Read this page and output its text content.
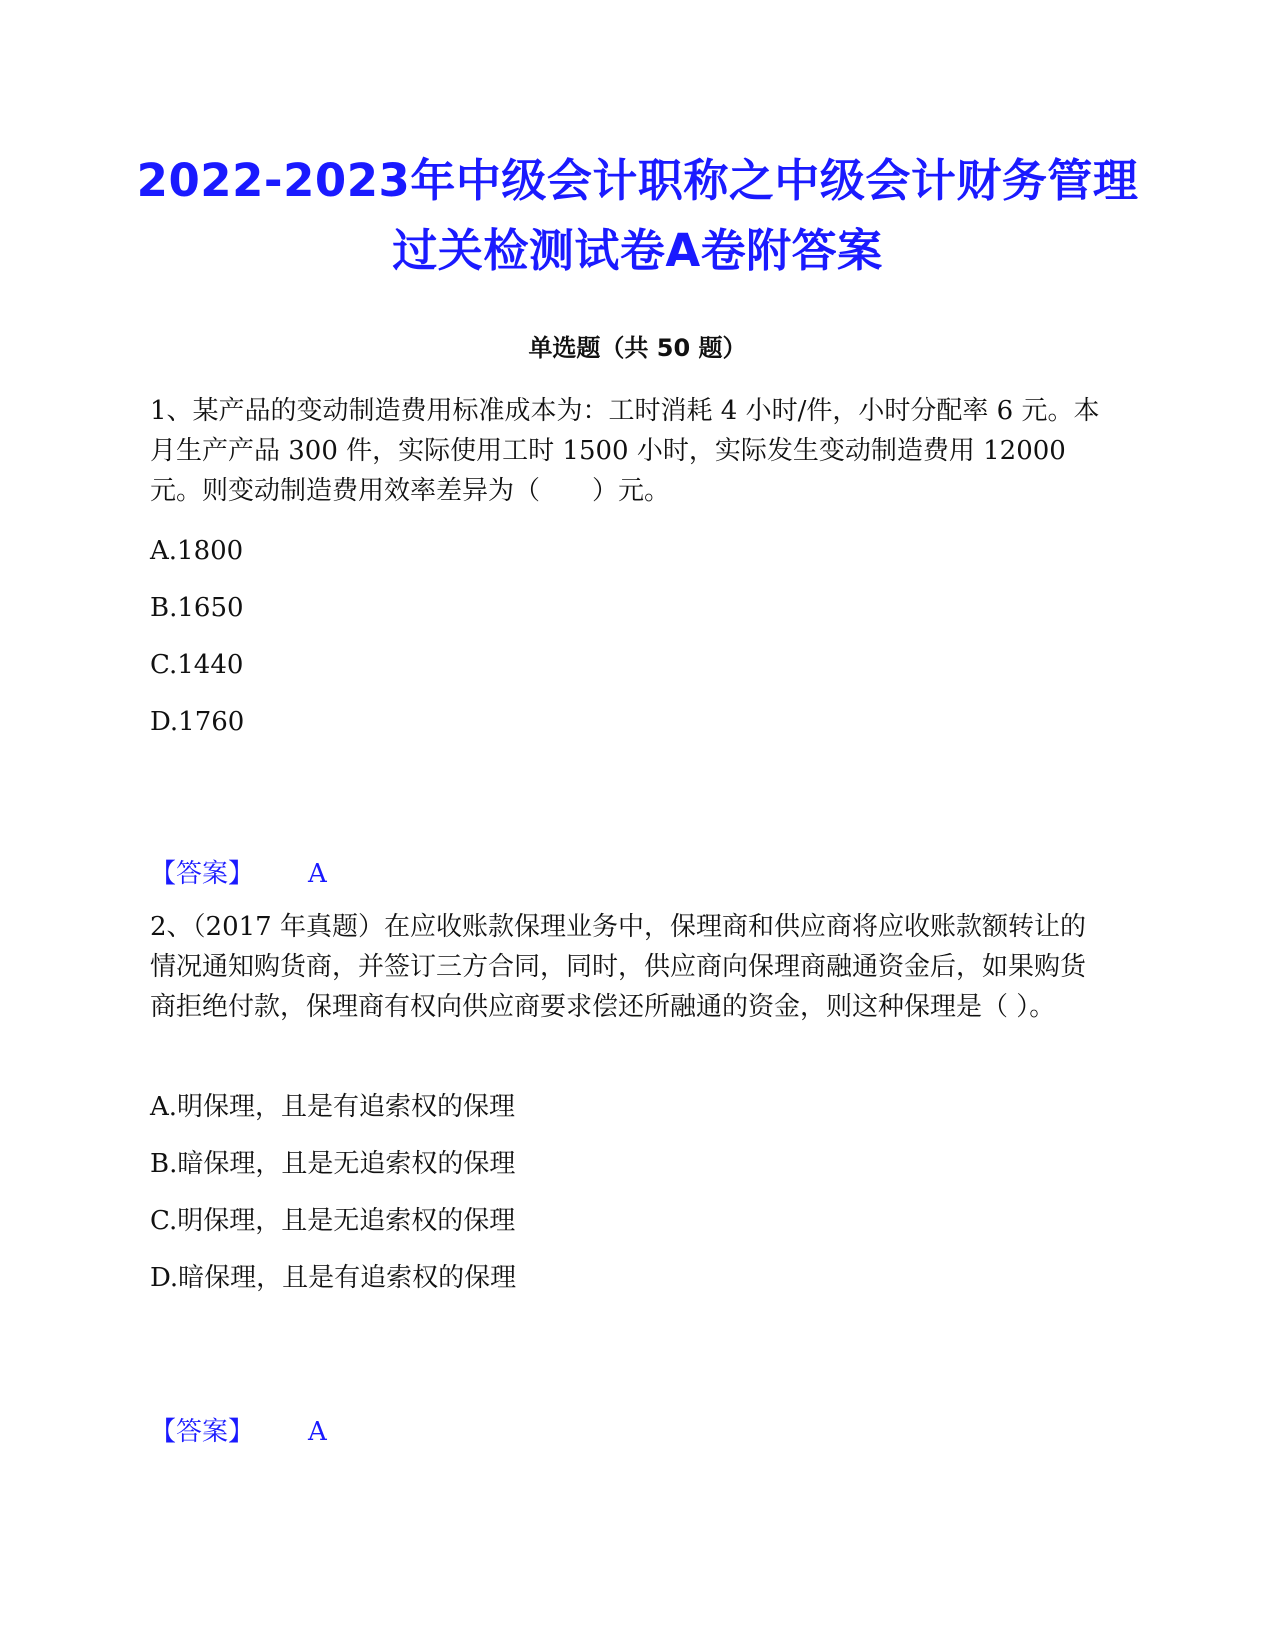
2022-2023年中级会计职称之中级会计财务管理过关检测试卷A卷附答案
单选题（共 50 题）
1、某产品的变动制造费用标准成本为：工时消耗 4 小时/件，小时分配率 6 元。本月生产产品 300 件，实际使用工时 1500 小时，实际发生变动制造费用 12000 元。则变动制造费用效率差异为（　　）元。
A.1800
B.1650
C.1440
D.1760
【答案】 A
2、（2017 年真题）在应收账款保理业务中，保理商和供应商将应收账款额转让的情况通知购货商，并签订三方合同，同时，供应商向保理商融通资金后，如果购货商拒绝付款，保理商有权向供应商要求偿还所融通的资金，则这种保理是（ ）。
A.明保理，且是有追索权的保理
B.暗保理，且是无追索权的保理
C.明保理，且是无追索权的保理
D.暗保理，且是有追索权的保理
【答案】 A
